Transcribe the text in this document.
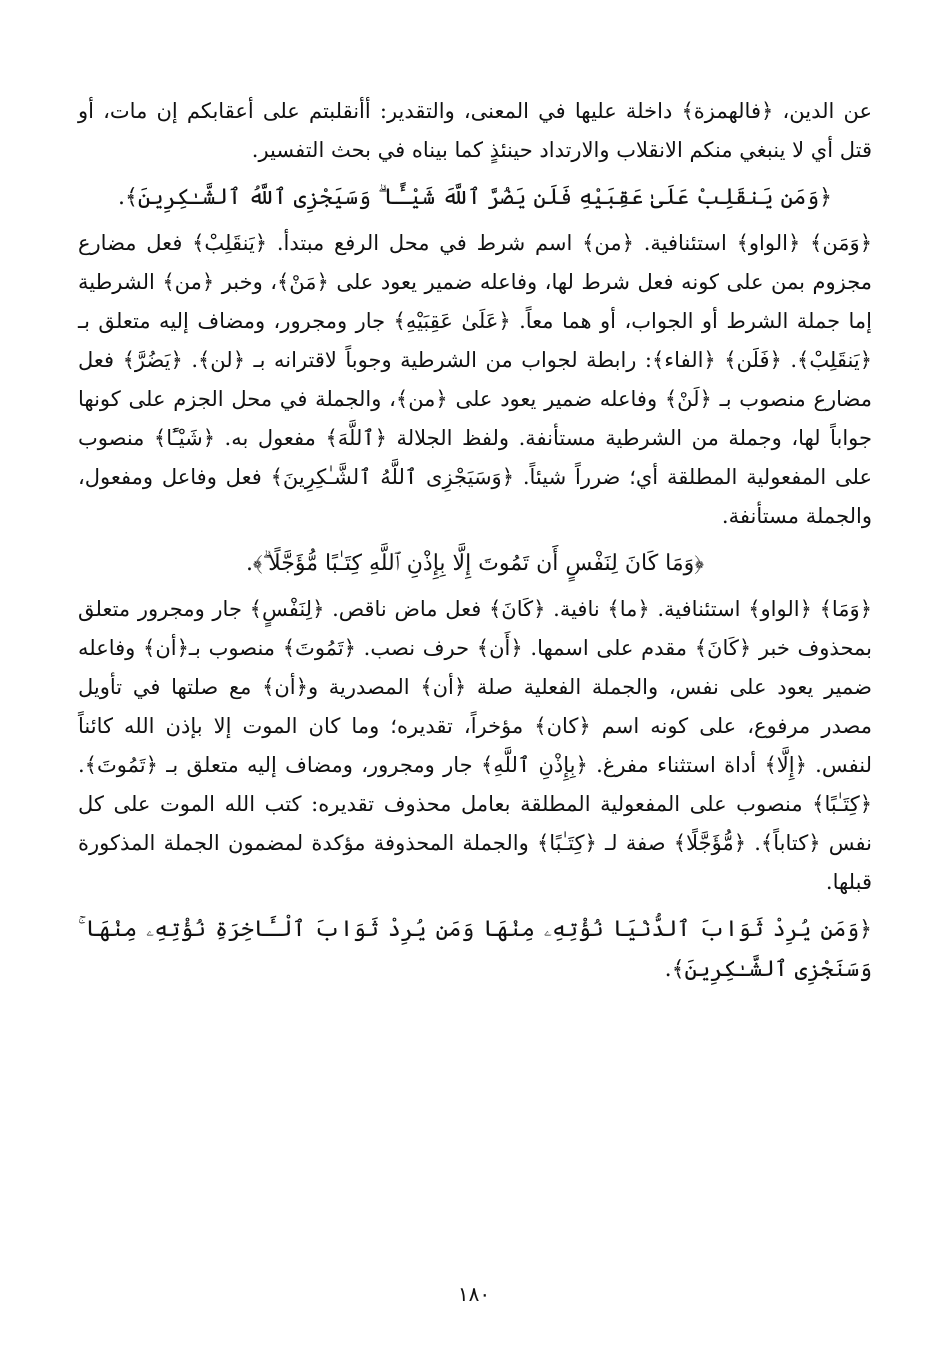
عن الدين، ﴿فالهمزة﴾ داخلة عليها في المعنى، والتقدير: أأنقلبتم على أعقابكم إن مات، أو قتل أي لا ينبغي منكم الانقلاب والارتداد حينئذٍ كما بيناه في بحث التفسير.

﴿وَمَن يَنقَلِبْ عَلَىٰ عَقِبَيْهِ فَلَن يَضُرَّ ٱللَّهَ شَيْـًٔا ۗ وَسَيَجْزِى ٱللَّهُ ٱلشَّـٰكِرِينَ﴾.

﴿وَمَن﴾ ﴿الواو﴾ استئنافية. ﴿من﴾ اسم شرط في محل الرفع مبتدأ. ﴿يَنقَلِبْ﴾ فعل مضارع مجزوم بمن على كونه فعل شرط لها، وفاعله ضمير يعود على ﴿مَنْ﴾، وخبر ﴿من﴾ الشرطية إما جملة الشرط أو الجواب، أو هما معاً. ﴿عَلَىٰ عَقِبَيْهِ﴾ جار ومجرور، ومضاف إليه متعلق بـ ﴿يَنقَلِبْ﴾. ﴿فَلَن﴾ ﴿الفاء﴾: رابطة لجواب من الشرطية وجوباً لاقترانه بـ ﴿لن﴾. ﴿يَضُرَّ﴾ فعل مضارع منصوب بـ ﴿لَنْ﴾ وفاعله ضمير يعود على ﴿من﴾، والجملة في محل الجزم على كونها جواباً لها، وجملة من الشرطية مستأنفة. ولفظ الجلالة ﴿ٱللَّهَ﴾ مفعول به. ﴿شَيْـًٔا﴾ منصوب على المفعولية المطلقة أي؛ ضرراً شيئاً. ﴿وَسَيَجْزِى ٱللَّهُ ٱلشَّـٰكِرِينَ﴾ فعل وفاعل ومفعول، والجملة مستأنفة.

﴿وَمَا كَانَ لِنَفْسٍ أَن تَمُوتَ إِلَّا بِإِذْنِ ٱللَّهِ كِتَـٰبًا مُّؤَجَّلًا ۗ﴾.

﴿وَمَا﴾ ﴿الواو﴾ استئنافية. ﴿ما﴾ نافية. ﴿كَانَ﴾ فعل ماض ناقص. ﴿لِنَفْسٍ﴾ جار ومجرور متعلق بمحذوف خبر ﴿كَانَ﴾ مقدم على اسمها. ﴿أَن﴾ حرف نصب. ﴿تَمُوتَ﴾ منصوب بـ﴿أن﴾ وفاعله ضمير يعود على نفس، والجملة الفعلية صلة ﴿أن﴾ المصدرية و﴿أن﴾ مع صلتها في تأويل مصدر مرفوع، على كونه اسم ﴿كان﴾ مؤخراً، تقديره؛ وما كان الموت إلا بإذن الله كائناً لنفس. ﴿إِلَّا﴾ أداة استثناء مفرغ. ﴿بِإِذْنِ ٱللَّهِ﴾ جار ومجرور، ومضاف إليه متعلق بـ ﴿تَمُوتَ﴾. ﴿كِتَـٰبًا﴾ منصوب على المفعولية المطلقة بعامل محذوف تقديره: كتب الله الموت على كل نفس ﴿كتاباً﴾. ﴿مُّؤَجَّلًا﴾ صفة لـ ﴿كِتَـٰبًا﴾ والجملة المحذوفة مؤكدة لمضمون الجملة المذكورة قبلها.

﴿وَمَن يُرِدْ ثَوَابَ ٱلدُّنْيَا نُؤْتِهِۦ مِنْهَا وَمَن يُرِدْ ثَوَابَ ٱلْـَٔاخِرَةِ نُؤْتِهِۦ مِنْهَا ۚ وَسَنَجْزِى ٱلشَّـٰكِرِينَ﴾.

١٨٠
